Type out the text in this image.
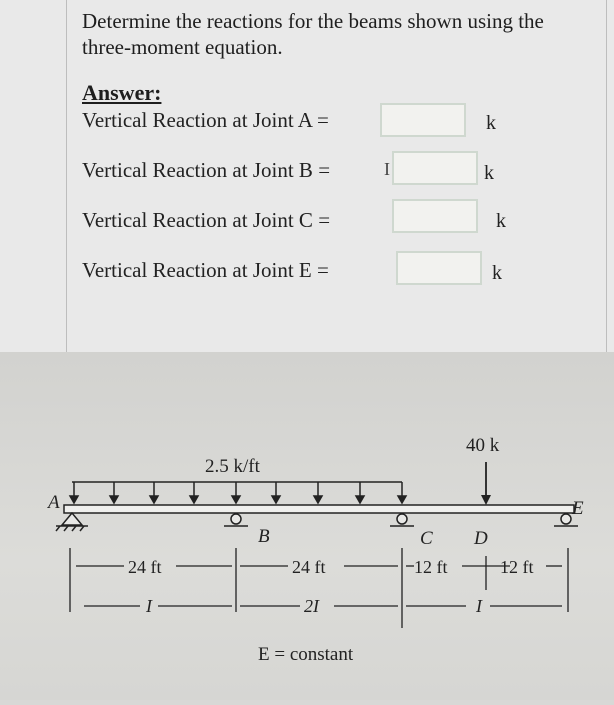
Determine the reactions for the beams shown using the three-moment equation.
Answer:
Vertical Reaction at Joint A =	k
Vertical Reaction at Joint B =	k
I
Vertical Reaction at Joint C =	k
Vertical Reaction at Joint E =	k
2.5 k/ft
40 k
A
B	C D
E
24 ft	24 ft	12 ft	12 ft
I	2I	I
E = constant
